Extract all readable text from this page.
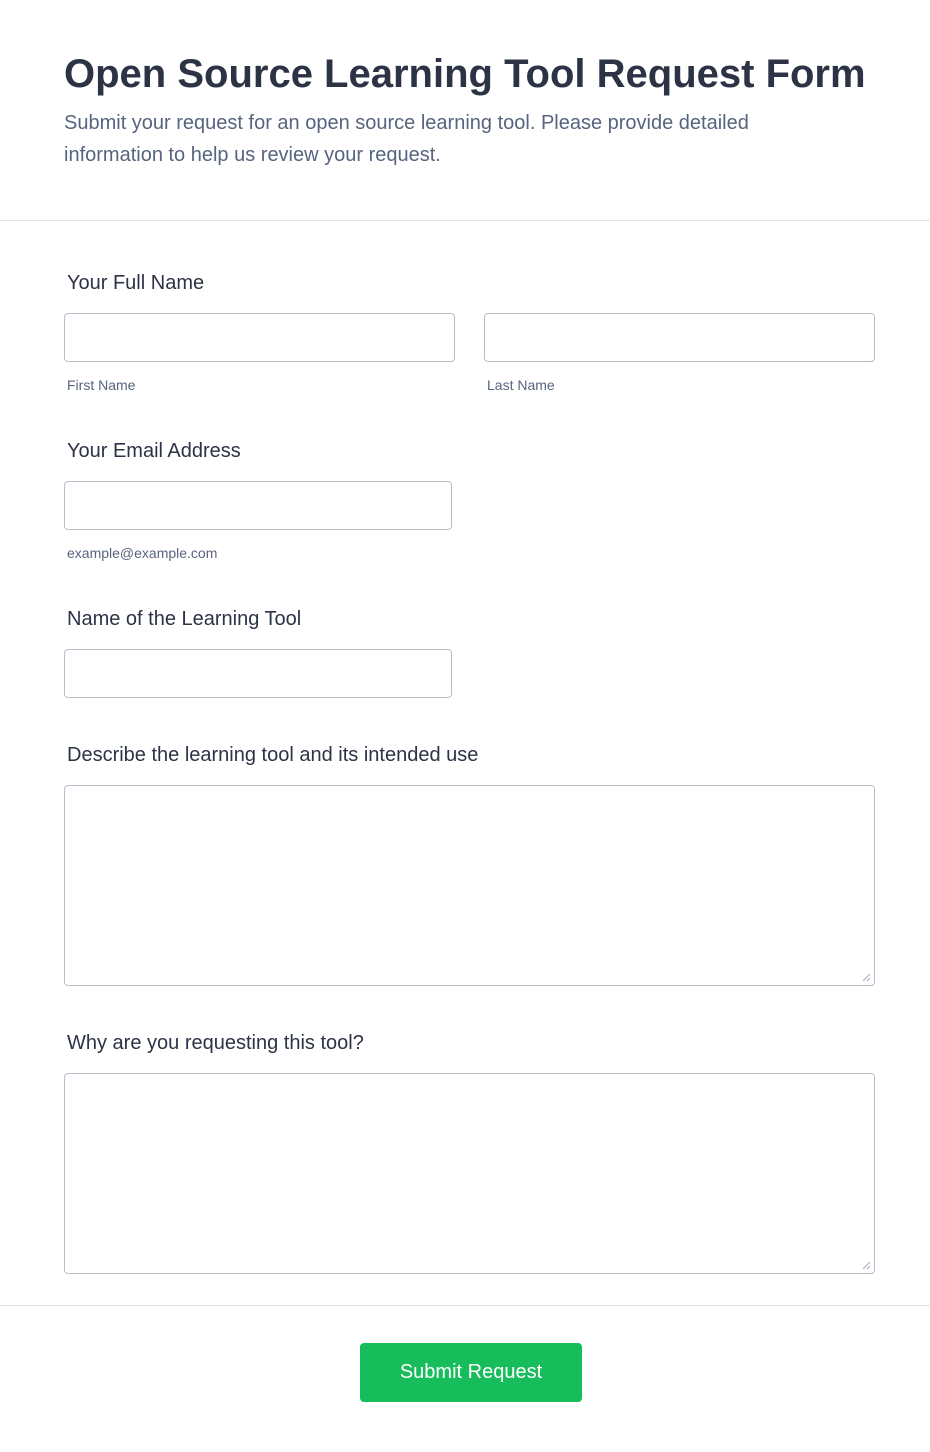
Open Source Learning Tool Request Form

Submit your request for an open source learning tool. Please provide detailed information to help us review your request.

Your Full Name
First Name	Last Name
Your Email Address
example@example.com
Name of the Learning Tool
Describe the learning tool and its intended use
Why are you requesting this tool?
Submit Request
